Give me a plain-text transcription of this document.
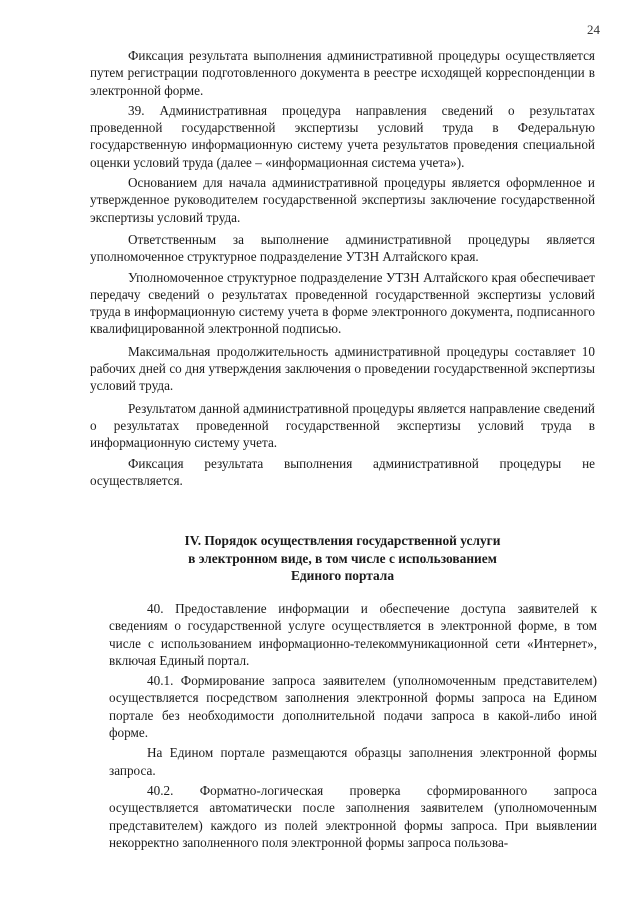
24

Фиксация результата выполнения административной процедуры осуществляется путем регистрации подготовленного документа в реестре исходящей корреспонденции в электронной форме.

39. Административная процедура направления сведений о результатах проведенной государственной экспертизы условий труда в Федеральную государственную информационную систему учета результатов проведения специальной оценки условий труда (далее – «информационная система учета»).

Основанием для начала административной процедуры является оформленное и утвержденное руководителем государственной экспертизы заключение государственной экспертизы условий труда.

Ответственным за выполнение административной процедуры является уполномоченное структурное подразделение УТЗН Алтайского края.

Уполномоченное структурное подразделение УТЗН Алтайского края обеспечивает передачу сведений о результатах проведенной государственной экспертизы условий труда в информационную систему учета в форме электронного документа, подписанного квалифицированной электронной подписью.

Максимальная продолжительность административной процедуры составляет 10 рабочих дней со дня утверждения заключения о проведении государственной экспертизы условий труда.

Результатом данной административной процедуры является направление сведений о результатах проведенной государственной экспертизы условий труда в информационную систему учета.

Фиксация результата выполнения административной процедуры не осуществляется.

IV. Порядок осуществления государственной услуги
в электронном виде, в том числе с использованием
Единого портала

40. Предоставление информации и обеспечение доступа заявителей к сведениям о государственной услуге осуществляется в электронной форме, в том числе с использованием информационно-телекоммуникационной сети «Интернет», включая Единый портал.

40.1. Формирование запроса заявителем (уполномоченным представителем) осуществляется посредством заполнения электронной формы запроса на Едином портале без необходимости дополнительной подачи запроса в какой-либо иной форме.

На Едином портале размещаются образцы заполнения электронной формы запроса.

40.2. Форматно-логическая проверка сформированного запроса осуществляется автоматически после заполнения заявителем (уполномоченным представителем) каждого из полей электронной формы запроса. При выявлении некорректно заполненного поля электронной формы запроса пользова-
